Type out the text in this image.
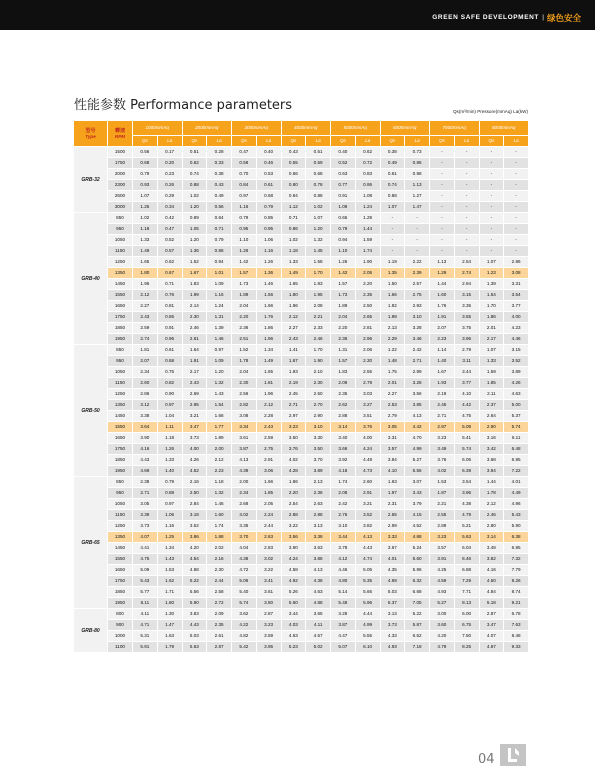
GREEN SAFE DEVELOPMENT | 绿色安全
性能参数 Performance parameters	Qs(m³/min) Pressure(mmAq) La(kW)
型号
Type	轉速
RPM	1000mmAq		2000mmAq		3000mmAq		4000mmAq		5000mmAq		6000mmAq		7000mmAq		8000mmAq	
		Qs	La	Qs	La	Qs	La	Qs	La	Qs	La	Qs	La	Qs	La	Qs	La
GRB-32	1500	0.56	0.17	0.51	0.28	0.47	0.40	0.43	0.51	0.40	0.62	0.38	0.73	-	-	-	-
	1750	0.68	0.20	0.62	0.33	0.58	0.46	0.55	0.59	0.52	0.72	0.49	0.86	-	-	-	-
	2000	0.79	0.23	0.74	0.38	0.70	0.53	0.66	0.68	0.63	0.83	0.61	0.98	-	-	-	-
	2300	0.93	0.26	0.88	0.43	0.84	0.61	0.80	0.78	0.77	0.95	0.74	1.13	-	-	-	-
	2600	1.07	0.29	1.02	0.49	0.97	0.68	0.94	0.88	0.91	1.08	0.88	1.27	-	-	-	-
	3000	1.25	0.34	1.20	0.56	1.16	0.79	1.12	1.02	1.09	1.24	1.07	1.47	-	-	-	-
GRB-40	850	1.02	0.42	0.89	0.64	0.79	0.85	0.71	1.07	0.65	1.29	-	-	-	-	-	-
	950	1.18	0.47	1.05	0.71	0.95	0.95	0.86	1.20	0.79	1.44	-	-	-	-	-	-
	1050	1.33	0.52	1.20	0.79	1.10	1.06	1.02	1.32	0.94	1.59	-	-	-	-	-	-
	1150	1.49	0.57	1.36	0.86	1.26	1.16	1.18	1.45	1.10	1.74	-	-	-	-	-	-
	1250	1.65	0.62	1.52	0.94	1.42	1.26	1.33	1.58	1.26	1.90	1.19	2.22	1.13	2.54	1.07	2.86
	1350	1.80	0.67	1.67	1.01	1.57	1.36	1.49	1.70	1.42	2.05	1.35	2.39	1.29	2.74	1.23	3.08
	1450	1.96	0.71	1.83	1.09	1.73	1.46	1.65	1.83	1.57	2.20	1.50	2.57	1.44	2.94	1.39	3.31
	1550	2.12	0.76	1.99	1.16	1.89	1.56	1.80	1.95	1.73	2.35	1.66	2.75	1.60	3.15	1.54	3.54
	1650	2.27	0.81	2.14	1.24	2.04	1.66	1.96	2.08	1.89	2.50	1.82	2.93	1.76	3.35	1.70	3.77
	1750	2.43	0.86	2.30	1.31	2.20	1.76	2.12	2.21	2.04	2.65	1.98	3.10	1.91	3.55	1.86	4.00
	1850	2.59	0.91	2.46	1.39	2.36	1.86	2.27	2.33	2.20	2.81	2.13	3.28	2.07	3.75	2.01	4.23
	1950	2.74	0.96	2.61	1.46	2.51	1.96	2.43	2.46	2.36	2.96	2.29	3.46	2.23	3.96	2.17	4.46
GRB-50	850	1.81	0.61	1.64	0.97	1.52	1.34	1.41	1.70	1.31	2.06	1.22	2.42	1.14	2.79	1.07	3.15
	950	2.07	0.68	1.91	1.09	1.78	1.49	1.67	1.90	1.57	2.30	1.48	2.71	1.40	3.11	1.33	3.52
	1050	2.34	0.75	2.17	1.20	2.04	1.65	1.93	2.10	1.83	2.55	1.75	2.99	1.67	3.44	1.59	3.89
	1150	2.60	0.82	2.43	1.32	2.30	1.81	2.19	2.30	2.09	2.79	2.01	3.28	1.93	3.77	1.85	4.26
	1250	2.86	0.90	2.69	1.43	2.56	1.96	2.45	2.50	2.35	3.03	2.27	3.56	2.19	4.10	2.11	4.63
	1350	3.12	0.97	2.95	1.54	2.82	2.12	2.71	2.70	2.62	3.27	2.53	3.85	2.45	4.42	2.37	5.00
	1450	3.38	1.04	3.21	1.66	3.08	2.28	2.97	2.90	2.88	3.51	2.79	4.13	2.71	4.75	2.64	5.37
	1550	3.64	1.11	3.47	1.77	3.34	2.43	3.23	3.10	3.14	3.76	3.05	4.42	2.97	5.08	2.90	5.74
	1650	3.90	1.18	3.73	1.89	3.61	2.59	3.50	3.30	3.40	4.00	3.31	4.70	3.23	5.41	3.16	6.11
	1750	4.16	1.26	4.00	2.00	3.87	2.75	3.76	3.50	3.66	4.24	3.57	4.99	3.49	5.74	3.42	6.48
	1850	4.43	1.33	4.26	2.12	4.13	2.91	4.02	3.70	3.92	4.48	3.84	5.27	3.76	6.06	3.68	6.85
	1950	4.69	1.40	4.52	2.23	4.39	3.06	4.28	3.89	4.18	4.73	4.10	5.56	4.02	6.39	3.94	7.22
GRB-65	850	2.38	0.79	2.16	1.18	2.00	1.66	1.86	2.13	1.74	2.60	1.63	3.07	1.53	3.54	1.44	4.01
	950	2.71	0.88	2.50	1.32	2.34	1.85	2.20	2.38	2.08	2.91	1.97	3.43	1.87	3.96	1.78	4.49
	1050	3.05	0.97	2.84	1.46	2.68	2.05	2.54	2.63	2.42	3.21	2.31	3.79	2.21	4.38	2.12	4.96
	1150	3.39	1.06	3.18	1.60	3.02	2.24	2.88	2.88	2.76	3.52	2.65	4.15	2.55	4.79	2.46	5.43
	1250	3.73	1.16	3.52	1.74	3.36	2.44	3.22	3.13	3.10	3.82	2.99	4.52	2.89	5.21	2.80	5.90
	1350	4.07	1.25	3.86	1.88	3.70	2.63	3.56	3.38	3.44	4.13	3.33	4.88	3.23	5.63	3.14	6.38
	1450	4.41	1.34	4.20	2.02	4.04	2.83	3.90	3.63	3.78	4.43	3.67	5.24	3.57	6.04	3.48	6.85
	1550	4.75	1.43	4.54	2.16	4.38	3.02	4.24	3.88	4.12	4.74	4.01	5.60	3.91	6.46	3.82	7.32
	1650	5.09	1.53	4.88	2.30	4.72	3.22	4.58	4.13	4.46	5.05	4.35	5.96	4.25	6.88	4.16	7.79
	1750	5.43	1.62	5.22	2.44	5.06	3.41	4.92	4.38	4.80	5.35	4.69	6.32	4.59	7.29	4.50	8.26
	1850	5.77	1.71	5.56	2.58	5.40	3.61	5.26	4.63	5.14	5.66	5.03	6.68	4.93	7.71	4.84	8.74
	1950	6.11	1.80	5.90	2.72	5.74	3.80	5.60	4.88	5.48	5.96	5.37	7.05	5.27	8.13	5.18	9.21
GRB-80	800	4.11	1.30	3.83	2.09	3.62	2.87	3.44	3.65	3.28	4.44	3.13	5.22	3.00	6.00	2.87	6.78
	900	4.71	1.47	4.43	2.35	4.22	3.23	4.03	4.11	3.87	4.99	3.73	5.87	3.60	6.75	3.47	7.63
	1000	5.31	1.63	5.03	2.61	4.82	3.59	4.63	4.57	4.47	5.55	4.33	6.52	4.20	7.50	4.07	8.48
	1100	5.91	1.79	5.63	2.87	5.42	3.95	5.23	5.02	5.07	6.10	4.93	7.18	4.79	8.25	4.67	9.33
04
